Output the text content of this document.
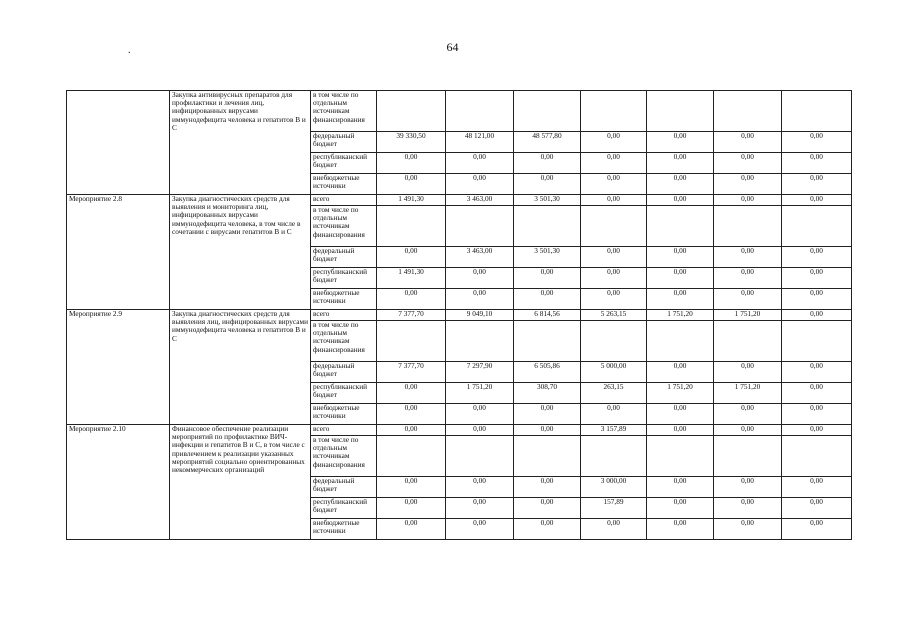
64
.
	Закупка антивирусных препаратов для профилактики и лечения лиц, инфицированных вирусами иммунодефицита человека и гепатитов В и С	в том числе по отдельным источникам финансирования							
		федеральный бюджет	39 330,50	48 121,00	48 577,80	0,00	0,00	0,00	0,00
		республиканский бюджет	0,00	0,00	0,00	0,00	0,00	0,00	0,00
		внебюджетные источники	0,00	0,00	0,00	0,00	0,00	0,00	0,00
Мероприятие 2.8	Закупка диагностических средств для выявления и мониторинга лиц, инфицированных вирусами иммунодефицита человека, в том числе в сочетании с вирусами гепатитов В и С	всего	1 491,30	3 463,00	3 501,30	0,00	0,00	0,00	0,00
		в том числе по отдельным источникам финансирования							
		федеральный бюджет	0,00	3 463,00	3 501,30	0,00	0,00	0,00	0,00
		республиканский бюджет	1 491,30	0,00	0,00	0,00	0,00	0,00	0,00
		внебюджетные источники	0,00	0,00	0,00	0,00	0,00	0,00	0,00
Мероприятие 2.9	Закупка диагностических средств для выявления лиц, инфицированных вирусами иммунодефицита человека и гепатитов В и С	всего	7 377,70	9 049,10	6 814,56	5 263,15	1 751,20	1 751,20	0,00
		в том числе по отдельным источникам финансирования							
		федеральный бюджет	7 377,70	7 297,90	6 505,86	5 000,00	0,00	0,00	0,00
		республиканский бюджет	0,00	1 751,20	308,70	263,15	1 751,20	1 751,20	0,00
		внебюджетные источники	0,00	0,00	0,00	0,00	0,00	0,00	0,00
Мероприятие 2.10	Финансовое обеспечение реализации мероприятий по профилактике ВИЧ-инфекции и гепатитов В и С, в том числе с привлечением к реализации указанных мероприятий социально ориентированных некоммерческих организаций	всего	0,00	0,00	0,00	3 157,89	0,00	0,00	0,00
		в том числе по отдельным источникам финансирования							
		федеральный бюджет	0,00	0,00	0,00	3 000,00	0,00	0,00	0,00
		республиканский бюджет	0,00	0,00	0,00	157,89	0,00	0,00	0,00
		внебюджетные источники	0,00	0,00	0,00	0,00	0,00	0,00	0,00
